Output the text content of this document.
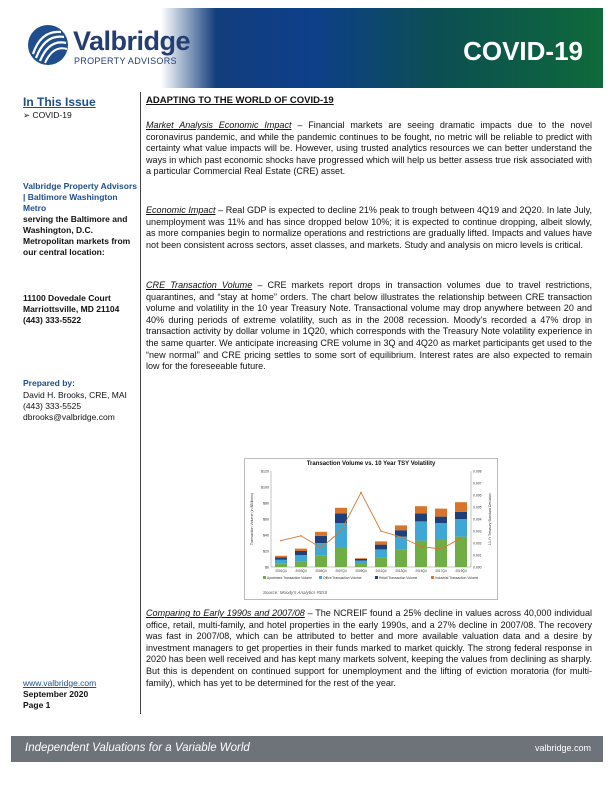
Valbridge
PROPERTY ADVISORS	COVID-19
In This Issue
➢ COVID-19
Valbridge Property Advisors | Baltimore Washington Metro
serving the Baltimore and Washington, D.C. Metropolitan markets from our central location:
11100 Dovedale Court
Marriottsville, MD 21104
(443) 333-5522
Prepared by:
David H. Brooks, CRE, MAI
(443) 333-5525
dbrooks@valbridge.com
www.valbridge.com
September 2020
Page 1
ADAPTING TO THE WORLD OF COVID-19
Market Analysis Economic Impact – Financial markets are seeing dramatic impacts due to the novel coronavirus pandemic, and while the pandemic continues to be fought, no metric will be reliable to predict with certainty what value impacts will be. However, using trusted analytics resources we can better understand the ways in which past economic shocks have progressed which will help us better assess true risk associated with a particular Commercial Real Estate (CRE) asset.
Economic Impact – Real GDP is expected to decline 21% peak to trough between 4Q19 and 2Q20. In late July, unemployment was 11% and has since dropped below 10%; it is expected to continue dropping, albeit slowly, as more companies begin to normalize operations and restrictions are gradually lifted. Impacts and values have not been consistent across sectors, asset classes, and markets. Study and analysis on micro levels is critical.
CRE Transaction Volume – CRE markets report drops in transaction volumes due to travel restrictions, quarantines, and “stay at home” orders. The chart below illustrates the relationship between CRE transaction volume and volatility in the 10 year Treasury Note. Transactional volume may drop anywhere between 20 and 40% during periods of extreme volatility, such as in the 2008 recession. Moody’s recorded a 47% drop in transaction activity by dollar volume in 1Q20, which corresponds with the Treasury Note volatility experience in the same quarter. We anticipate increasing CRE volume in 3Q and 4Q20 as market participants get used to the “new normal” and CRE pricing settles to some sort of equilibrium. Interest rates are also expected to remain low for the foreseeable future.
Transaction Volume vs. 10 Year TSY Volatility
$0
$20
$40
$60
$80
$100
$120
0.000
0.001
0.002
0.003
0.004
0.005
0.006
0.007
0.008
Transaction Volume (in $Billions)	10-Yr Treasury Standard Deviation
2001Q4	2003Q4	2005Q4	2007Q4	2009Q4	2011Q4	2013Q4	2015Q4	2017Q4	2019Q4
Apartment Transaction Volume	Office Transaction Volume	Retail Transaction Volume	Industrial Transaction Volume
Source: Moody’s Analytics REIS
Comparing to Early 1990s and 2007/08 – The NCREIF found a 25% decline in values across 40,000 individual office, retail, multi-family, and hotel properties in the early 1990s, and a 27% decline in 2007/08. The recovery was fast in 2007/08, which can be attributed to better and more available valuation data and a desire by investment managers to get properties in their funds marked to market quickly. The strong federal response in 2020 has been well received and has kept many markets solvent, keeping the values from declining as sharply. But this is dependent on continued support for unemployment and the lifting of eviction moratoria (for multi-family), which has yet to be determined for the rest of the year.
Independent Valuations for a Variable World	valbridge.com
